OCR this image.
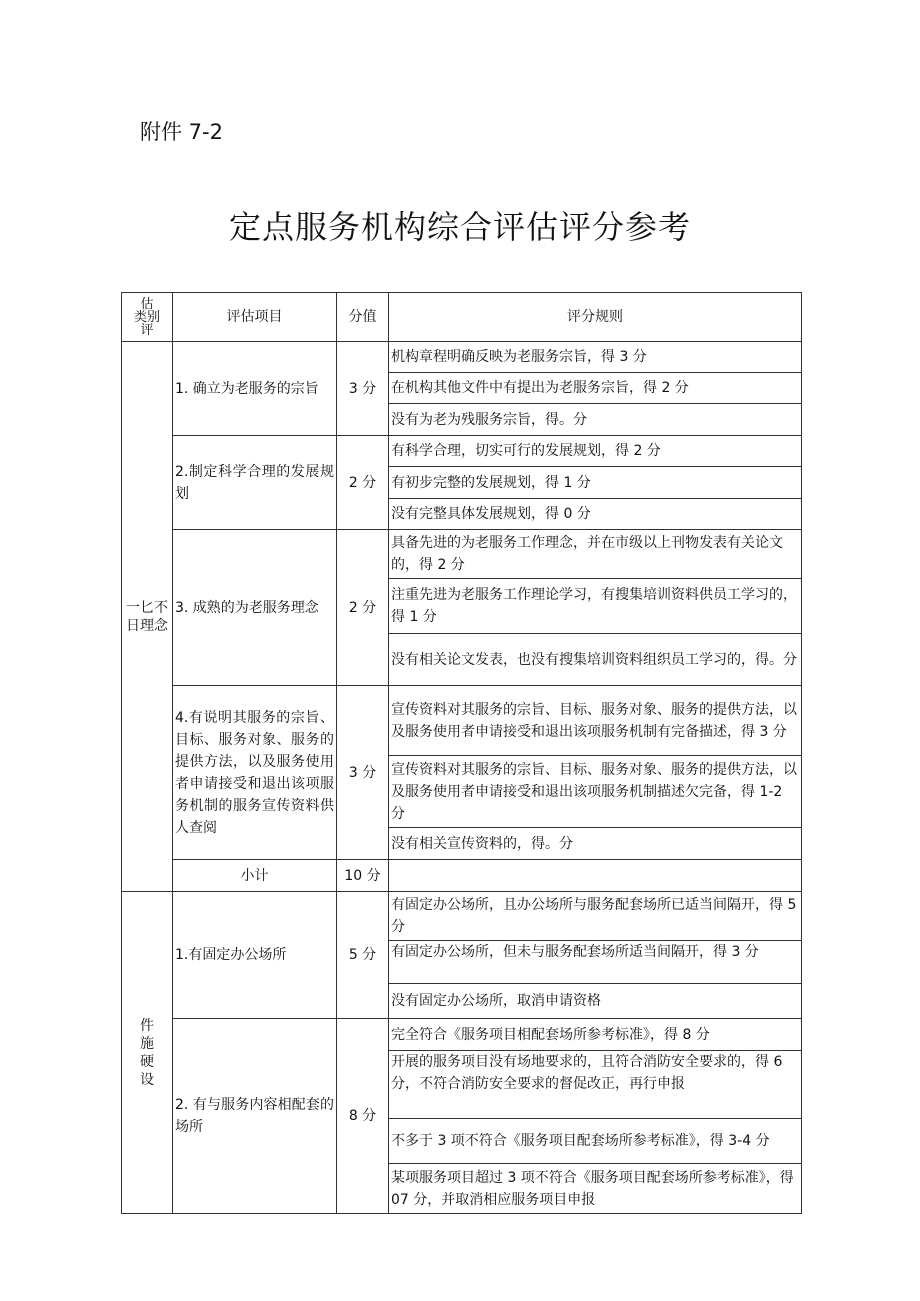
附件 7-2
定点服务机构综合评估评分参考
估
类别
评	评估项目	分值	评分规则
一匕不日理念	1. 确立为老服务的宗旨	3 分	机构章程明确反映为老服务宗旨，得 3 分
			在机构其他文件中有提出为老服务宗旨，得 2 分
			没有为老为残服务宗旨，得。分
	2.制定科学合理的发展规划	2 分	有科学合理，切实可行的发展规划，得 2 分
			有初步完整的发展规划，得 1 分
			没有完整具体发展规划，得 0 分
	3. 成熟的为老服务理念	2 分	具备先进的为老服务工作理念，并在市级以上刊物发表有关论文的，得 2 分
			注重先进为老服务工作理论学习，有搜集培训资料供员工学习的，得 1 分
			没有相关论文发表，也没有搜集培训资料组织员工学习的，得。分
	4.有说明其服务的宗旨、目标、服务对象、服务的提供方法，以及服务使用者申请接受和退出该项服务机制的服务宣传资料供人查阅	3 分	宣传资料对其服务的宗旨、目标、服务对象、服务的提供方法，以及服务使用者申请接受和退出该项服务机制有完备描述，得 3 分
			宣传资料对其服务的宗旨、目标、服务对象、服务的提供方法，以及服务使用者申请接受和退出该项服务机制描述欠完备，得 1-2 分
			没有相关宣传资料的，得。分
	小计	10 分	

件
施
硬
设	1.有固定办公场所	5 分	有固定办公场所，且办公场所与服务配套场所已适当间隔开，得 5 分
			有固定办公场所，但未与服务配套场所适当间隔开，得 3 分
			没有固定办公场所，取消申请资格
	2. 有与服务内容相配套的场所	8 分	完全符合《服务项目相配套场所参考标准》，得 8 分
			开展的服务项目没有场地要求的，且符合消防安全要求的，得 6 分，不符合消防安全要求的督促改正，再行申报
			不多于 3 项不符合《服务项目配套场所参考标准》，得 3-4 分
			某项服务项目超过 3 项不符合《服务项目配套场所参考标准》，得 07 分，并取消相应服务项目申报
